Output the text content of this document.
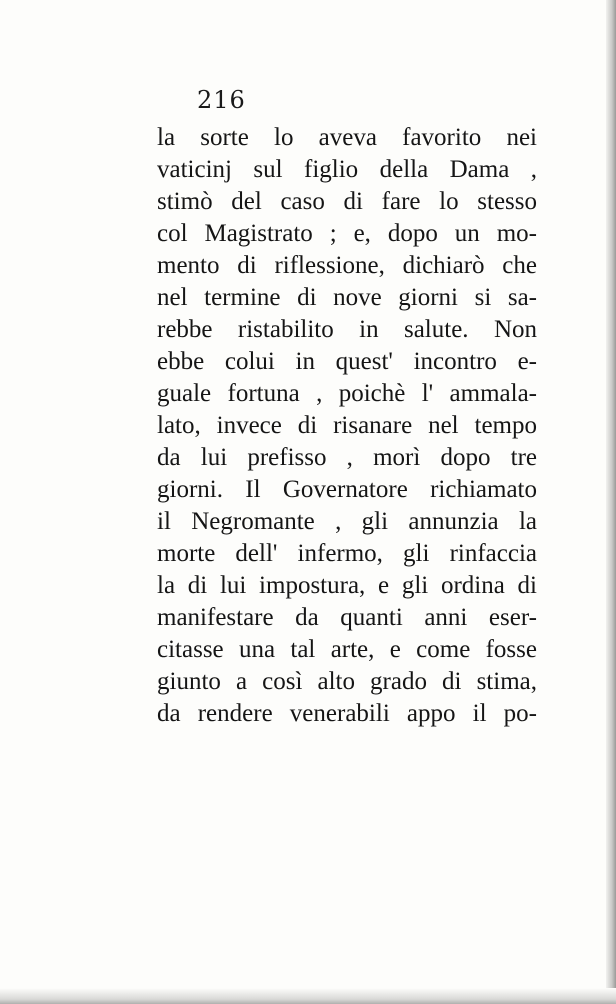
216
la sorte lo aveva favorito nei
vaticinj sul figlio della Dama ,
stimò del caso di fare lo stesso
col Magistrato ; e, dopo un mo-
mento di riflessione, dichiarò che
nel termine di nove giorni si sa-
rebbe ristabilito in salute. Non
ebbe colui in quest' incontro e-
guale fortuna , poichè l' ammala-
lato, invece di risanare nel tempo
da lui prefisso , morì dopo tre
giorni. Il Governatore richiamato
il Negromante , gli annunzia la
morte dell' infermo, gli rinfaccia
la di lui impostura, e gli ordina di
manifestare da quanti anni eser-
citasse una tal arte, e come fosse
giunto a così alto grado di stima,
da rendere venerabili appo il po-
